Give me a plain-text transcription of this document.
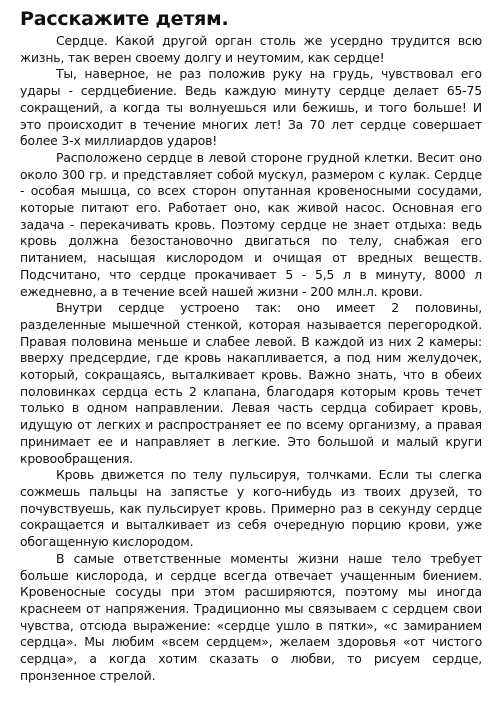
Расскажите детям.

Сердце. Какой другой орган столь же усердно трудится всю жизнь, так верен своему долгу и неутомим, как сердце!

Ты, наверное, не раз положив руку на грудь, чувствовал его удары - сердцебиение. Ведь каждую минуту сердце делает 65-75 сокращений, а когда ты волнуешься или бежишь, и того больше! И это происходит в течение многих лет! За 70 лет сердце совершает более 3-х миллиардов ударов!

Расположено сердце в левой стороне грудной клетки. Весит оно около 300 гр. и представляет собой мускул, размером с кулак. Сердце - особая мышца, со всех сторон опутанная кровеносными сосудами, которые питают его. Работает оно, как живой насос. Основная его задача - перекачивать кровь. Поэтому сердце не знает отдыха: ведь кровь должна безостановочно двигаться по телу, снабжая его питанием, насыщая кислородом и очищая от вредных веществ. Подсчитано, что сердце прокачивает 5 - 5,5 л в минуту, 8000 л ежедневно, а в течение всей нашей жизни - 200 млн.л. крови.

Внутри сердце устроено так: оно имеет 2 половины, разделенные мышечной стенкой, которая называется перегородкой. Правая половина меньше и слабее левой. В каждой из них 2 камеры: вверху предсердие, где кровь накапливается, а под ним желудочек, который, сокращаясь, выталкивает кровь. Важно знать, что в обеих половинках сердца есть 2 клапана, благодаря которым кровь течет только в одном направлении. Левая часть сердца собирает кровь, идущую от легких и распространяет ее по всему организму, а правая принимает ее и направляет в легкие. Это большой и малый круги кровообращения.

Кровь движется по телу пульсируя, толчками. Если ты слегка сожмешь пальцы на запястье у кого-нибудь из твоих друзей, то почувствуешь, как пульсирует кровь. Примерно раз в секунду сердце сокращается и выталкивает из себя очередную порцию крови, уже обогащенную кислородом.

В самые ответственные моменты жизни наше тело требует больше кислорода, и сердце всегда отвечает учащенным биением. Кровеносные сосуды при этом расширяются, поэтому мы иногда краснеем от напряжения. Традиционно мы связываем с сердцем свои чувства, отсюда выражение: «сердце ушло в пятки», «с замиранием сердца». Мы любим «всем сердцем», желаем здоровья «от чистого сердца», а когда хотим сказать о любви, то рисуем сердце, пронзенное стрелой.
